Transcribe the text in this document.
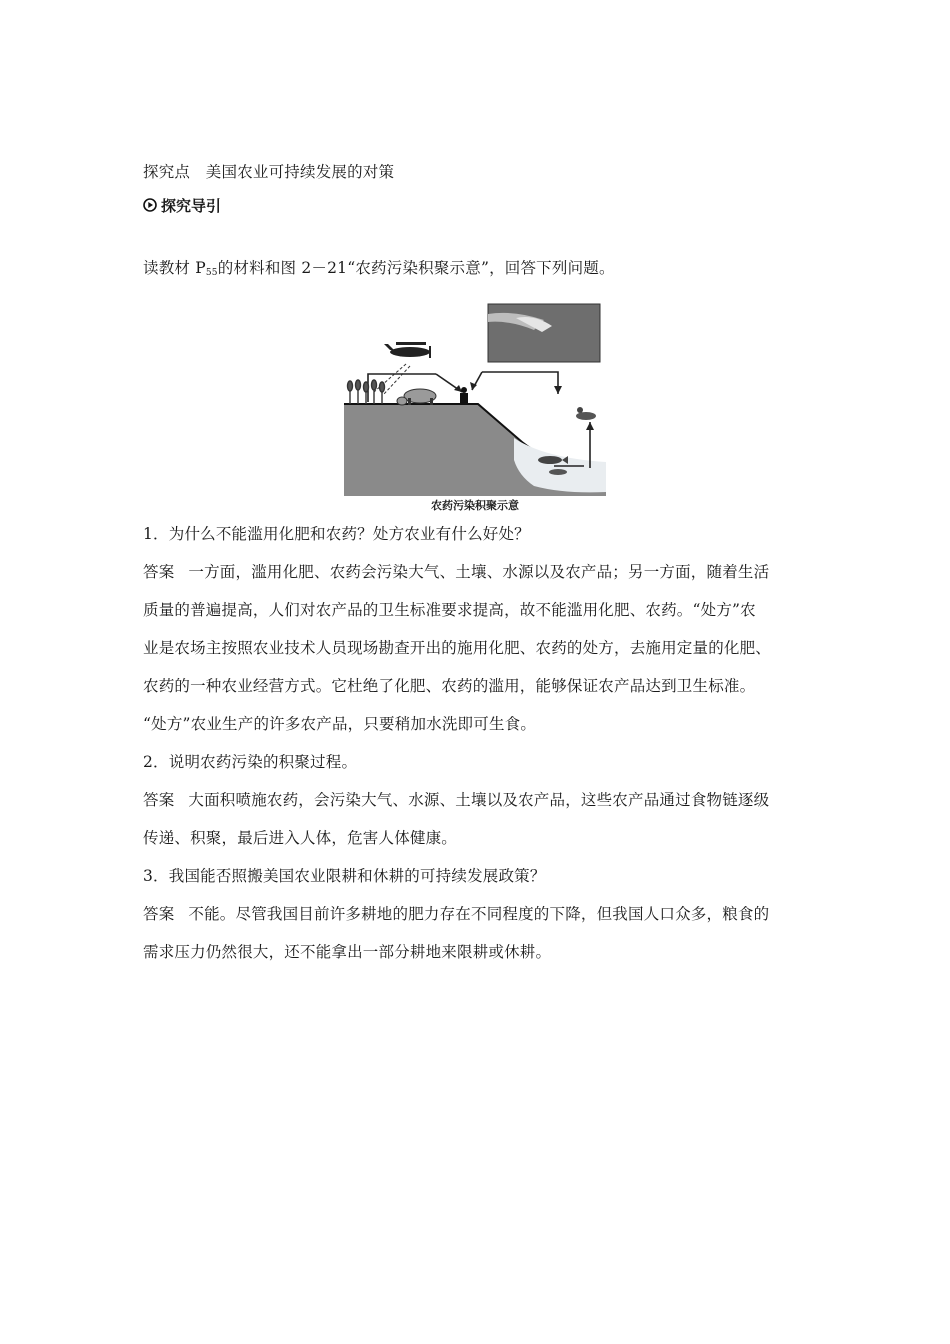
探究点　美国农业可持续发展的对策
探究导引
读教材 $P_{55}$的材料和图 2－21“农药污染积聚示意”，回答下列问题。
农药污染积聚示意
1．为什么不能滥用化肥和农药？处方农业有什么好处？
答案 一方面，滥用化肥、农药会污染大气、土壤、水源以及农产品；另一方面，随着生活
质量的普遍提高，人们对农产品的卫生标准要求提高，故不能滥用化肥、农药。“处方”农
业是农场主按照农业技术人员现场勘查开出的施用化肥、农药的处方，去施用定量的化肥、
农药的一种农业经营方式。它杜绝了化肥、农药的滥用，能够保证农产品达到卫生标准。
“处方”农业生产的许多农产品，只要稍加水洗即可生食。
2．说明农药污染的积聚过程。
答案 大面积喷施农药，会污染大气、水源、土壤以及农产品，这些农产品通过食物链逐级
传递、积聚，最后进入人体，危害人体健康。
3．我国能否照搬美国农业限耕和休耕的可持续发展政策？
答案 不能。尽管我国目前许多耕地的肥力存在不同程度的下降，但我国人口众多，粮食的
需求压力仍然很大，还不能拿出一部分耕地来限耕或休耕。
